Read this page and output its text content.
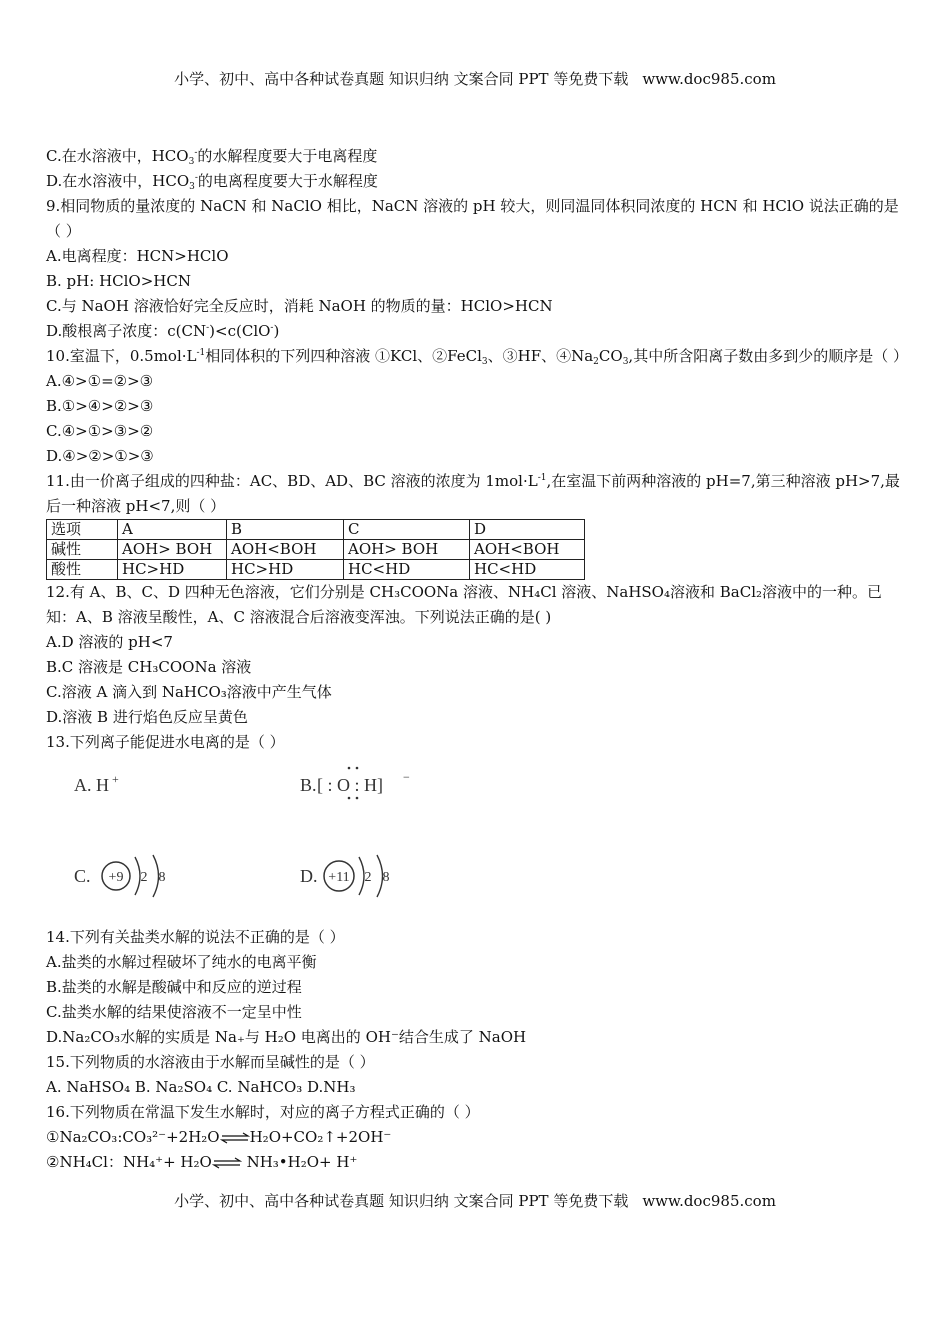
小学、初中、高中各种试卷真题 知识归纳 文案合同 PPT 等免费下载 www.doc985.com
C.在水溶液中，$HCO_3^-$的水解程度要大于电离程度
D.在水溶液中，$HCO_3^-$的电离程度要大于水解程度
9.相同物质的量浓度的 NaCN 和 NaClO 相比，NaCN 溶液的 pH 较大，则同温同体积同浓度的 HCN 和 HClO 说法正确的是（ ）
A.电离程度：HCN>HClO
B. pH: HClO>HCN
C.与 NaOH 溶液恰好完全反应时，消耗 NaOH 的物质的量：HClO>HCN
D.酸根离子浓度：c(CN-)<c(ClO-)
10.室温下，$0.5mol\cdot L^{-1}$相同体积的下列四种溶液 ①KCl、②FeCl$_3$、③HF、$④Na_2CO_3$,其中所含阳离子数由多到少的顺序是（ ）
A.④>①=②>③
B.①>④>②>③
C.④>①>③>②
D.④>②>①>③
11.由一价离子组成的四种盐：AC、BD、AD、BC 溶液的浓度为 $1mol\cdot L^{-1}$,在室温下前两种溶液的 pH=7,第三种溶液 pH>7,最后一种溶液 pH<7,则（ ）
选项	A	B	C	D
碱性	AOH> BOH	AOH<BOH	AOH> BOH	AOH<BOH
酸性	HC>HD	HC>HD	HC<HD	HC<HD
12.有 A、B、C、D 四种无色溶液，它们分别是 CH₃COONa 溶液、NH₄Cl 溶液、NaHSO₄溶液和 BaCl₂溶液中的一种。已知：A、B 溶液呈酸性，A、C 溶液混合后溶液变浑浊。下列说法正确的是( )
A.D 溶液的 pH<7
B.C 溶液是 CH₃COONa 溶液
C.溶液 A 滴入到 NaHCO₃溶液中产生气体
D.溶液 B 进行焰色反应呈黄色
13.下列离子能促进水电离的是（ ）
A. H +	B. [ : O : H] −
C. +9 2 8	D. +11 2 8
14.下列有关盐类水解的说法不正确的是（ ）
A.盐类的水解过程破坏了纯水的电离平衡
B.盐类的水解是酸碱中和反应的逆过程
C.盐类水解的结果使溶液不一定呈中性
D.Na₂CO₃水解的实质是 Na₊与 H₂O 电离出的 OH⁻结合生成了 NaOH
15.下列物质的水溶液由于水解而呈碱性的是（ ）
A. NaHSO₄ B. Na₂SO₄ C. NaHCO₃ D.NH₃
16.下列物质在常温下发生水解时，对应的离子方程式正确的（ ）
①Na₂CO₃:CO₃²⁻+2H₂O⇌H₂O+CO₂↑+2OH⁻
②NH₄Cl：NH₄⁺+ H₂O⇌ NH₃•H₂O+ H⁺
小学、初中、高中各种试卷真题 知识归纳 文案合同 PPT 等免费下载 www.doc985.com
